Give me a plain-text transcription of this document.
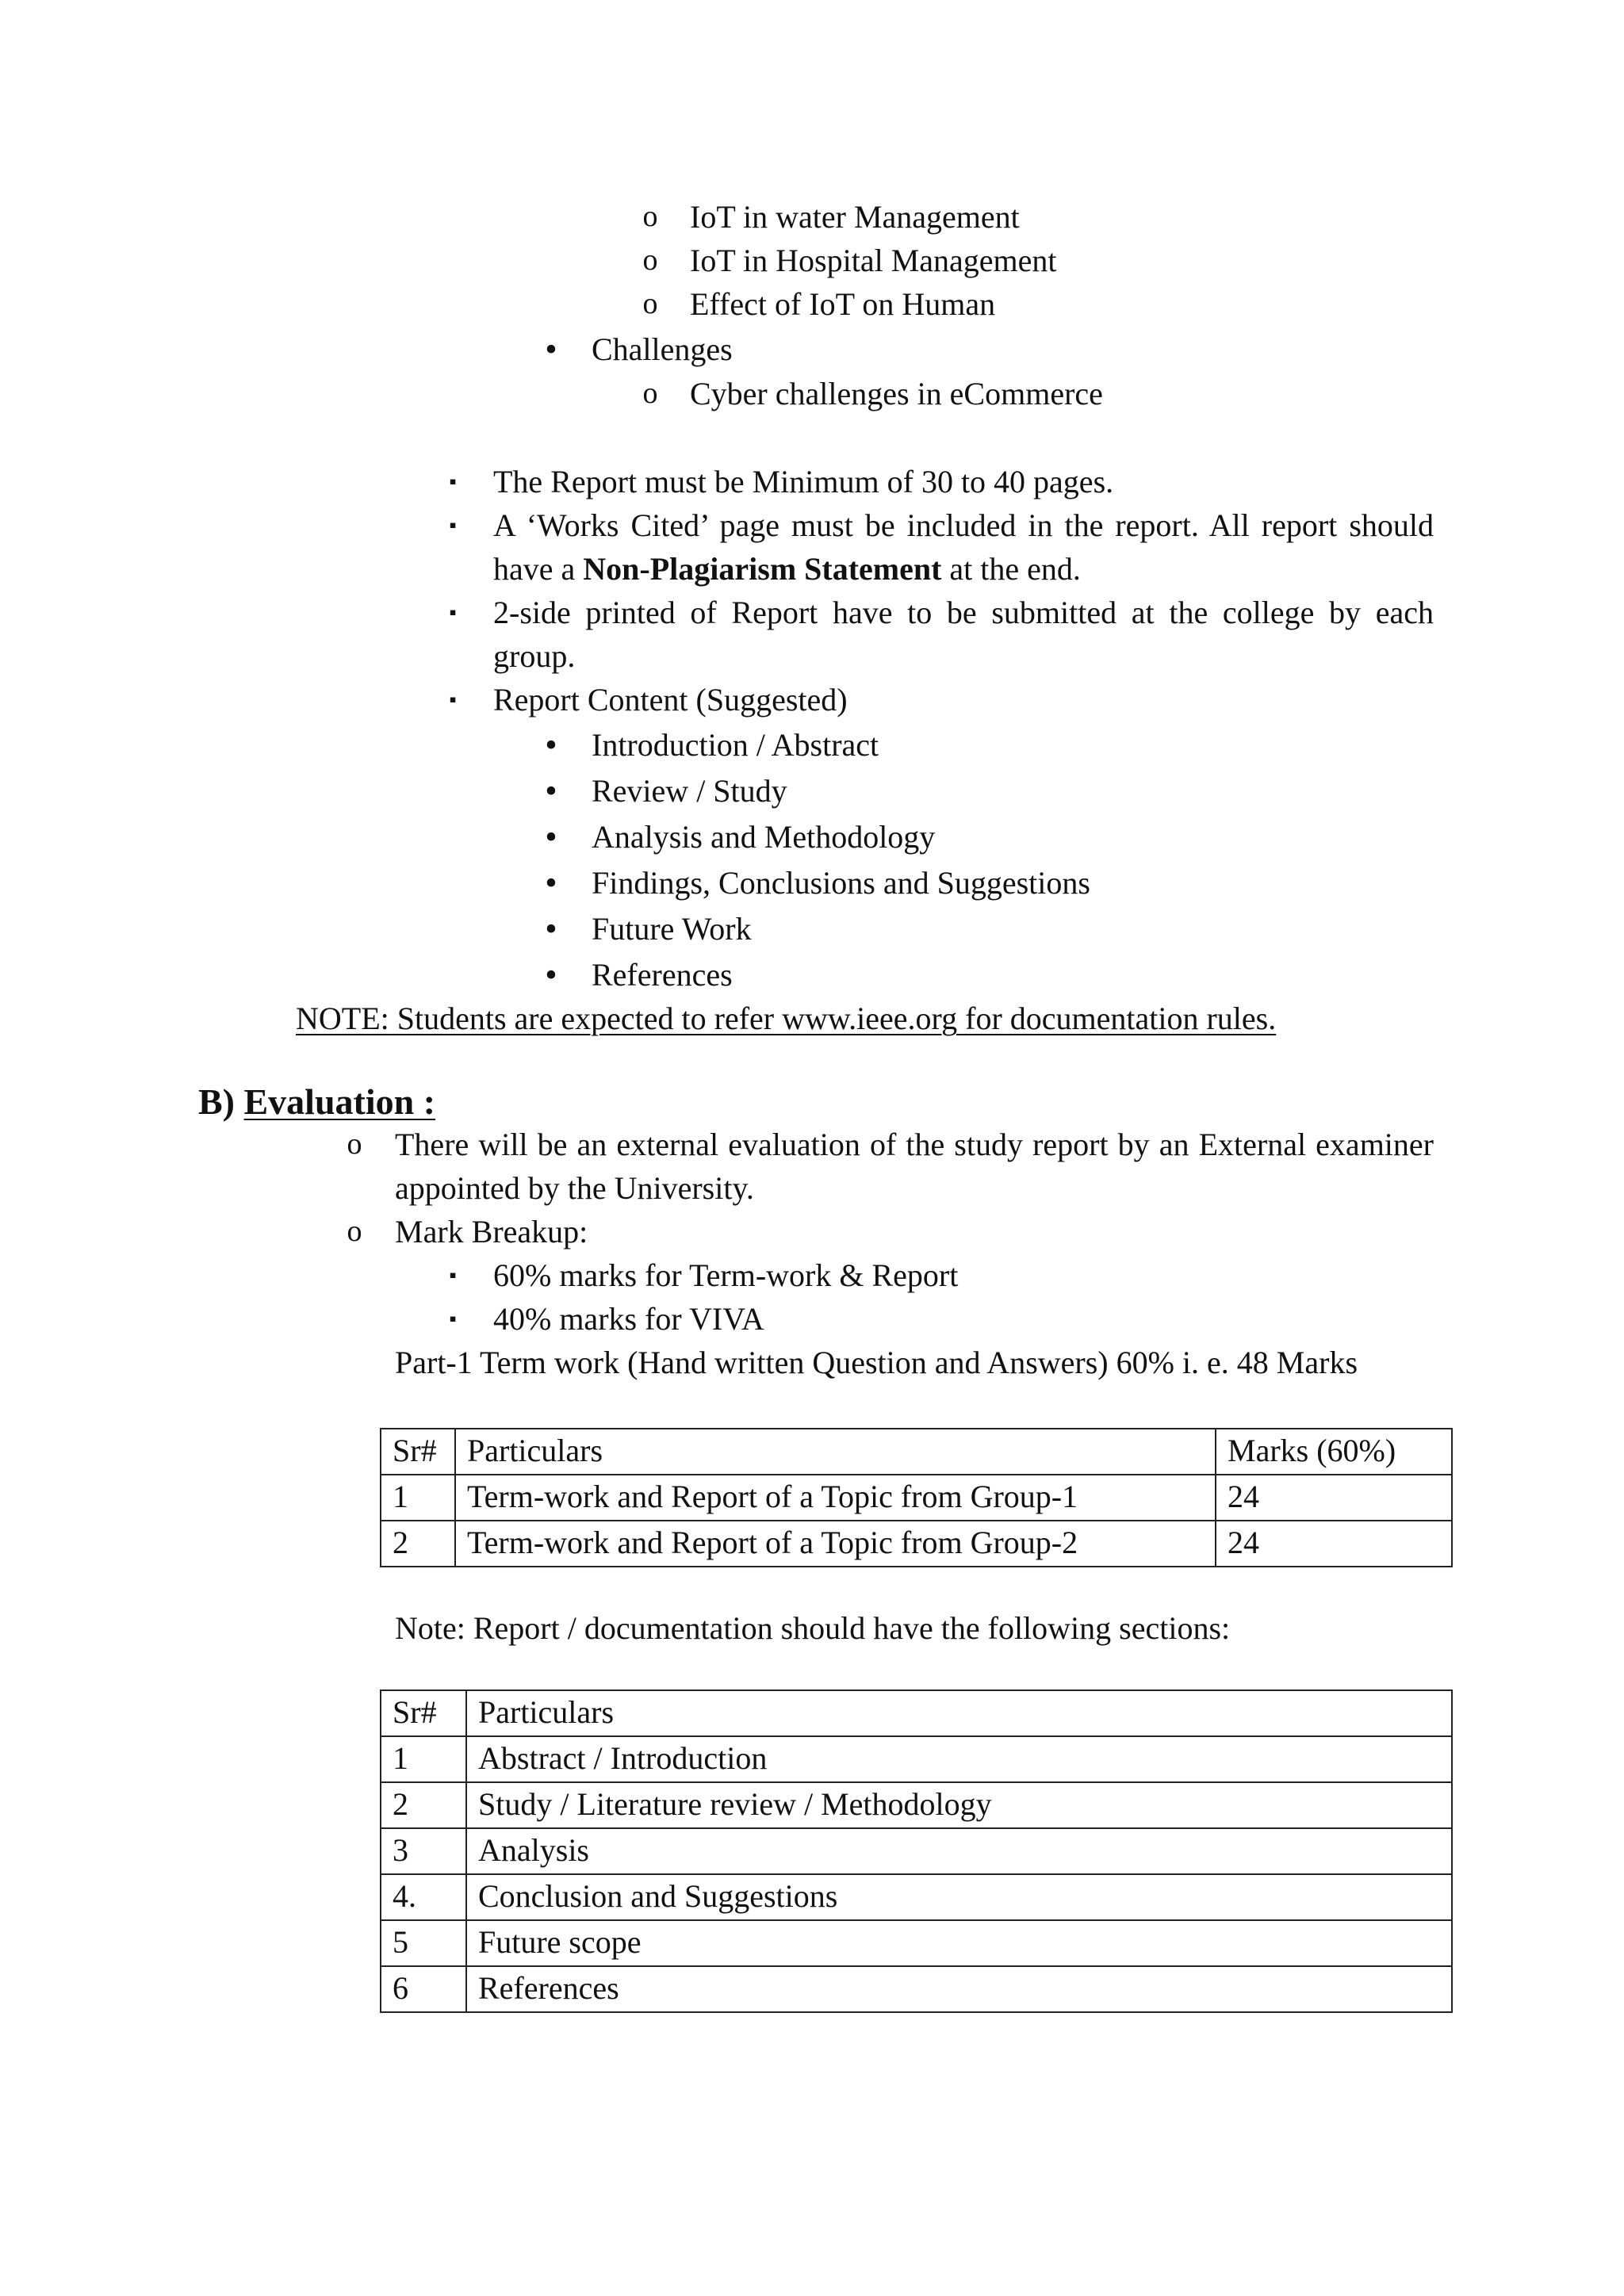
o IoT in water Management
o IoT in Hospital Management
o Effect of IoT on Human
• Challenges
o Cyber challenges in eCommerce
▪ The Report must be Minimum of 30 to 40 pages.
▪ A ‘Works Cited’ page must be included in the report. All report should have a Non-Plagiarism Statement at the end.
▪ 2-side printed of Report have to be submitted at the college by each group.
▪ Report Content (Suggested)
• Introduction / Abstract
• Review / Study
• Analysis and Methodology
• Findings, Conclusions and Suggestions
• Future Work
• References
NOTE: Students are expected to refer www.ieee.org for documentation rules.
B) Evaluation :
o There will be an external evaluation of the study report by an External examiner appointed by the University.
o Mark Breakup:
▪ 60% marks for Term-work & Report
▪ 40% marks for VIVA
Part-1 Term work (Hand written Question and Answers) 60% i. e. 48 Marks
Sr#	Particulars	Marks (60%)
1	Term-work and Report of a Topic from Group-1	24
2	Term-work and Report of a Topic from Group-2	24
Note: Report / documentation should have the following sections:
Sr#	Particulars
1	Abstract / Introduction
2	Study / Literature review / Methodology
3	Analysis
4.	Conclusion and Suggestions
5	Future scope
6	References
